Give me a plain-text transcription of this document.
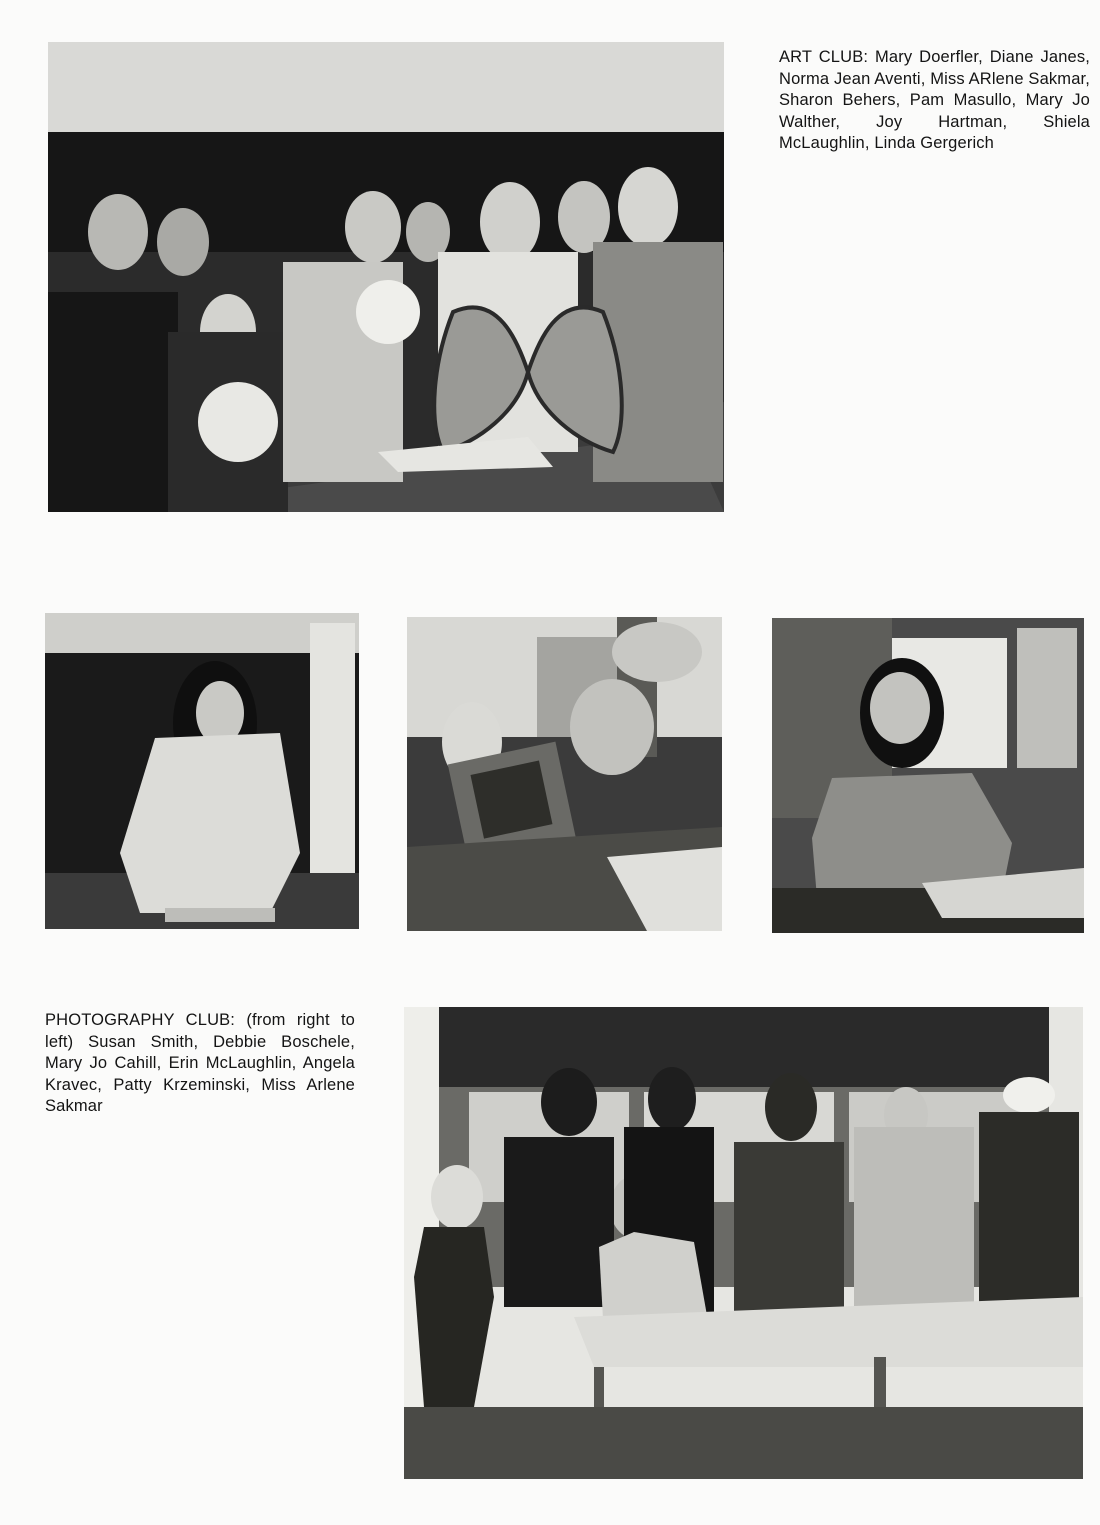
ART CLUB: Mary Doerfler, Diane Janes, Norma Jean Aventi, Miss ARlene Sakmar, Sharon Behers, Pam Masullo, Mary Jo Walther, Joy Hartman, Shiela McLaughlin, Linda Gergerich
PHOTOGRAPHY CLUB: (from right to left) Susan Smith, Debbie Boschele, Mary Jo Cahill, Erin McLaughlin, Angela Kravec, Patty Krzeminski, Miss Arlene Sakmar
